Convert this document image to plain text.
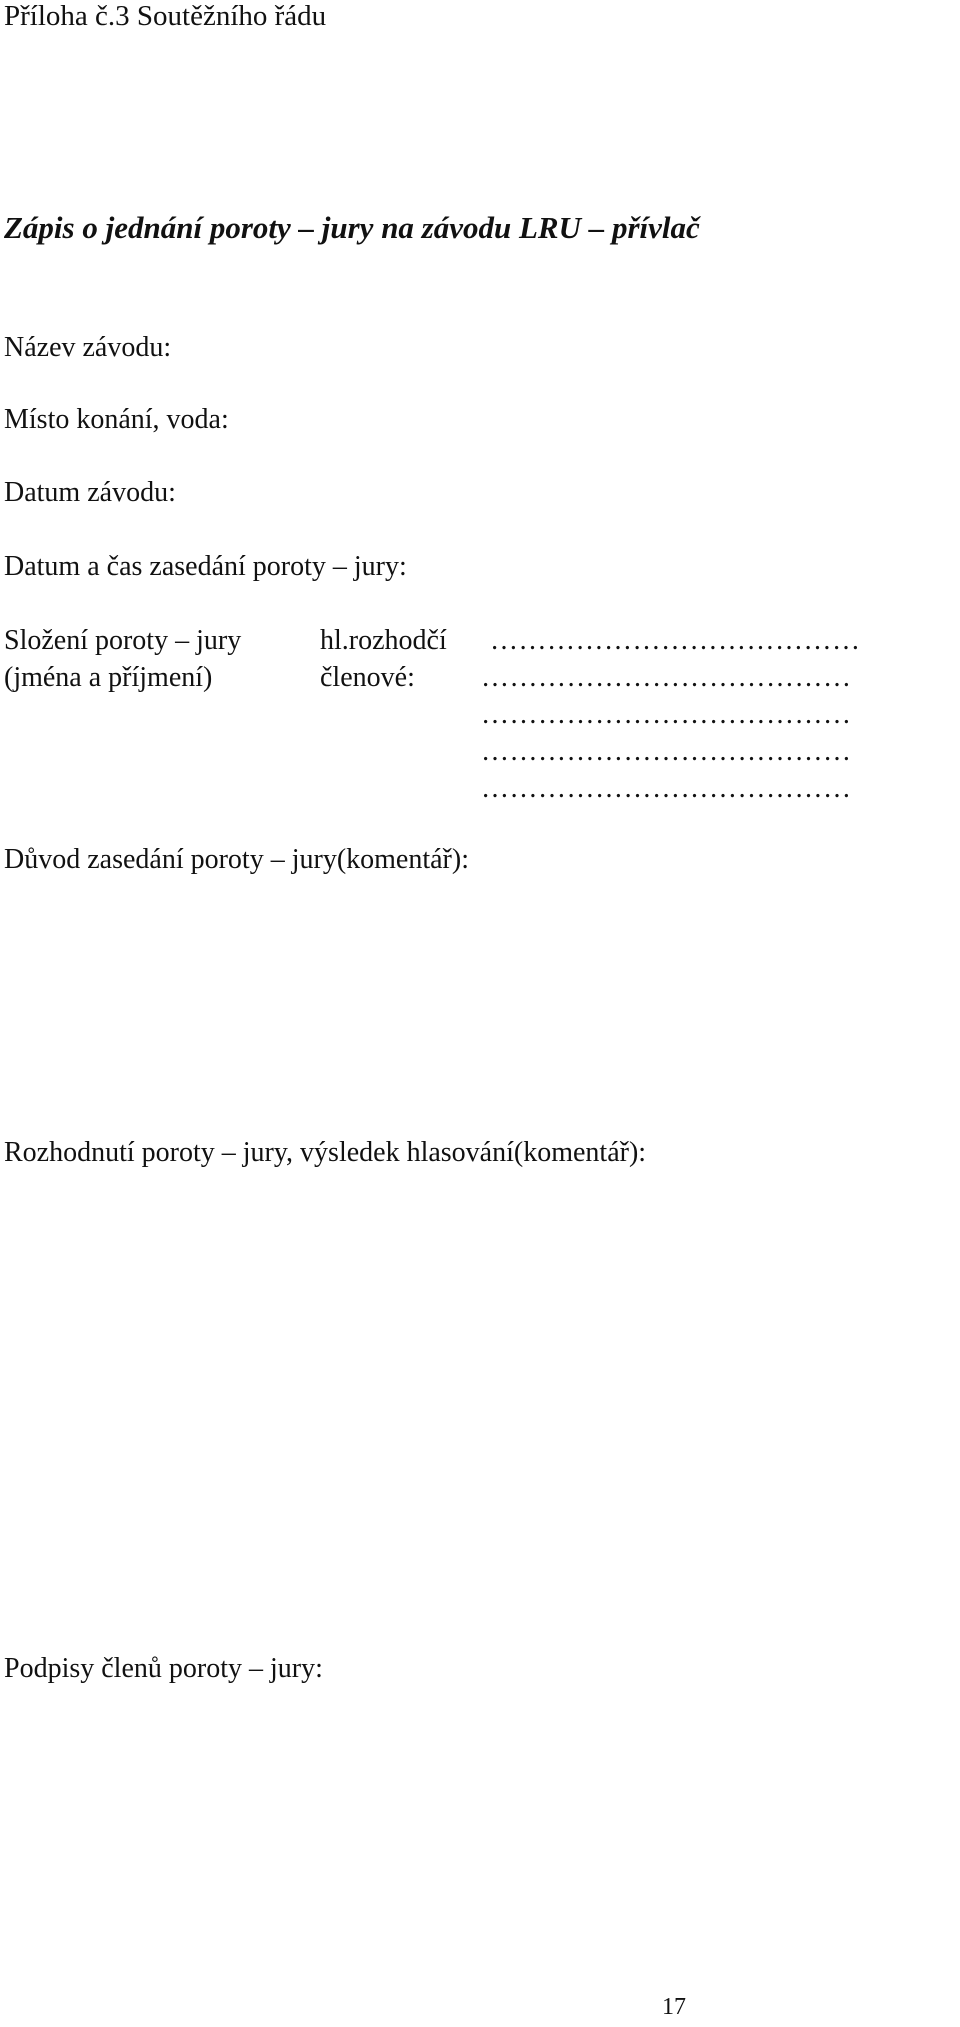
Příloha č.3 Soutěžního řádu
Zápis o jednání poroty – jury na závodu LRU – přívlač
Název závodu:
Místo konání, voda:
Datum závodu:
Datum a čas zasedání poroty – jury:
Složení poroty – jury
(jména a příjmení)
hl.rozhodčí
členové:
…………………………………
…………………………………
…………………………………
…………………………………
…………………………………
Důvod zasedání poroty – jury(komentář):
Rozhodnutí poroty – jury, výsledek hlasování(komentář):
Podpisy členů poroty – jury:
17
